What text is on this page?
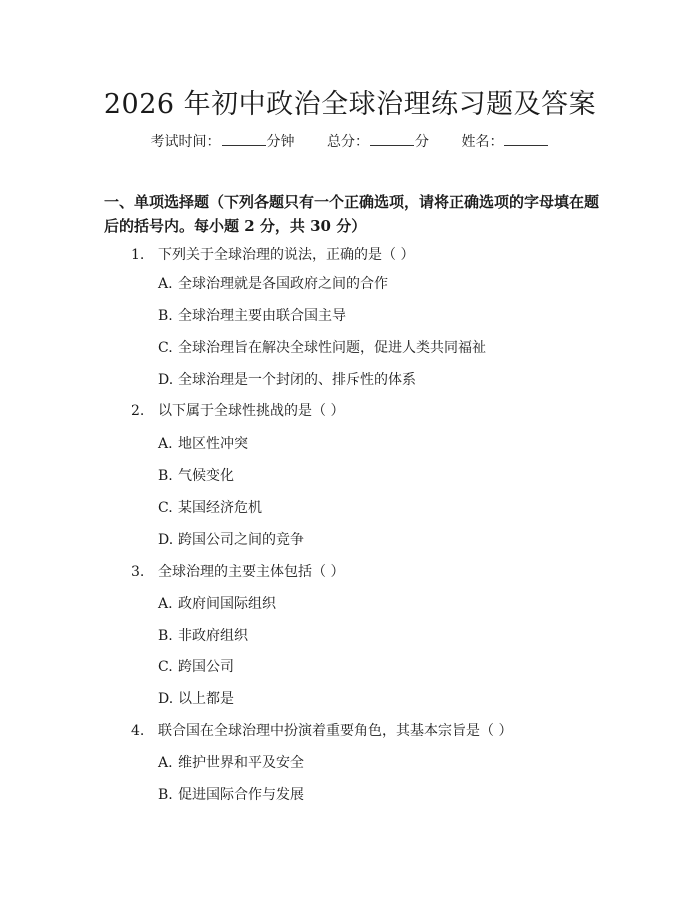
2026 年初中政治全球治理练习题及答案
考试时间：	分钟 总分：	分 姓名：
一、单项选择题（下列各题只有一个正确选项，请将正确选项的字母填在题后的括号内。每小题 2 分，共 30 分）
1. 下列关于全球治理的说法，正确的是（ ）
A. 全球治理就是各国政府之间的合作
B. 全球治理主要由联合国主导
C. 全球治理旨在解决全球性问题，促进人类共同福祉
D. 全球治理是一个封闭的、排斥性的体系
2. 以下属于全球性挑战的是（ ）
A. 地区性冲突
B. 气候变化
C. 某国经济危机
D. 跨国公司之间的竞争
3. 全球治理的主要主体包括（ ）
A. 政府间国际组织
B. 非政府组织
C. 跨国公司
D. 以上都是
4. 联合国在全球治理中扮演着重要角色，其基本宗旨是（ ）
A. 维护世界和平及安全
B. 促进国际合作与发展
